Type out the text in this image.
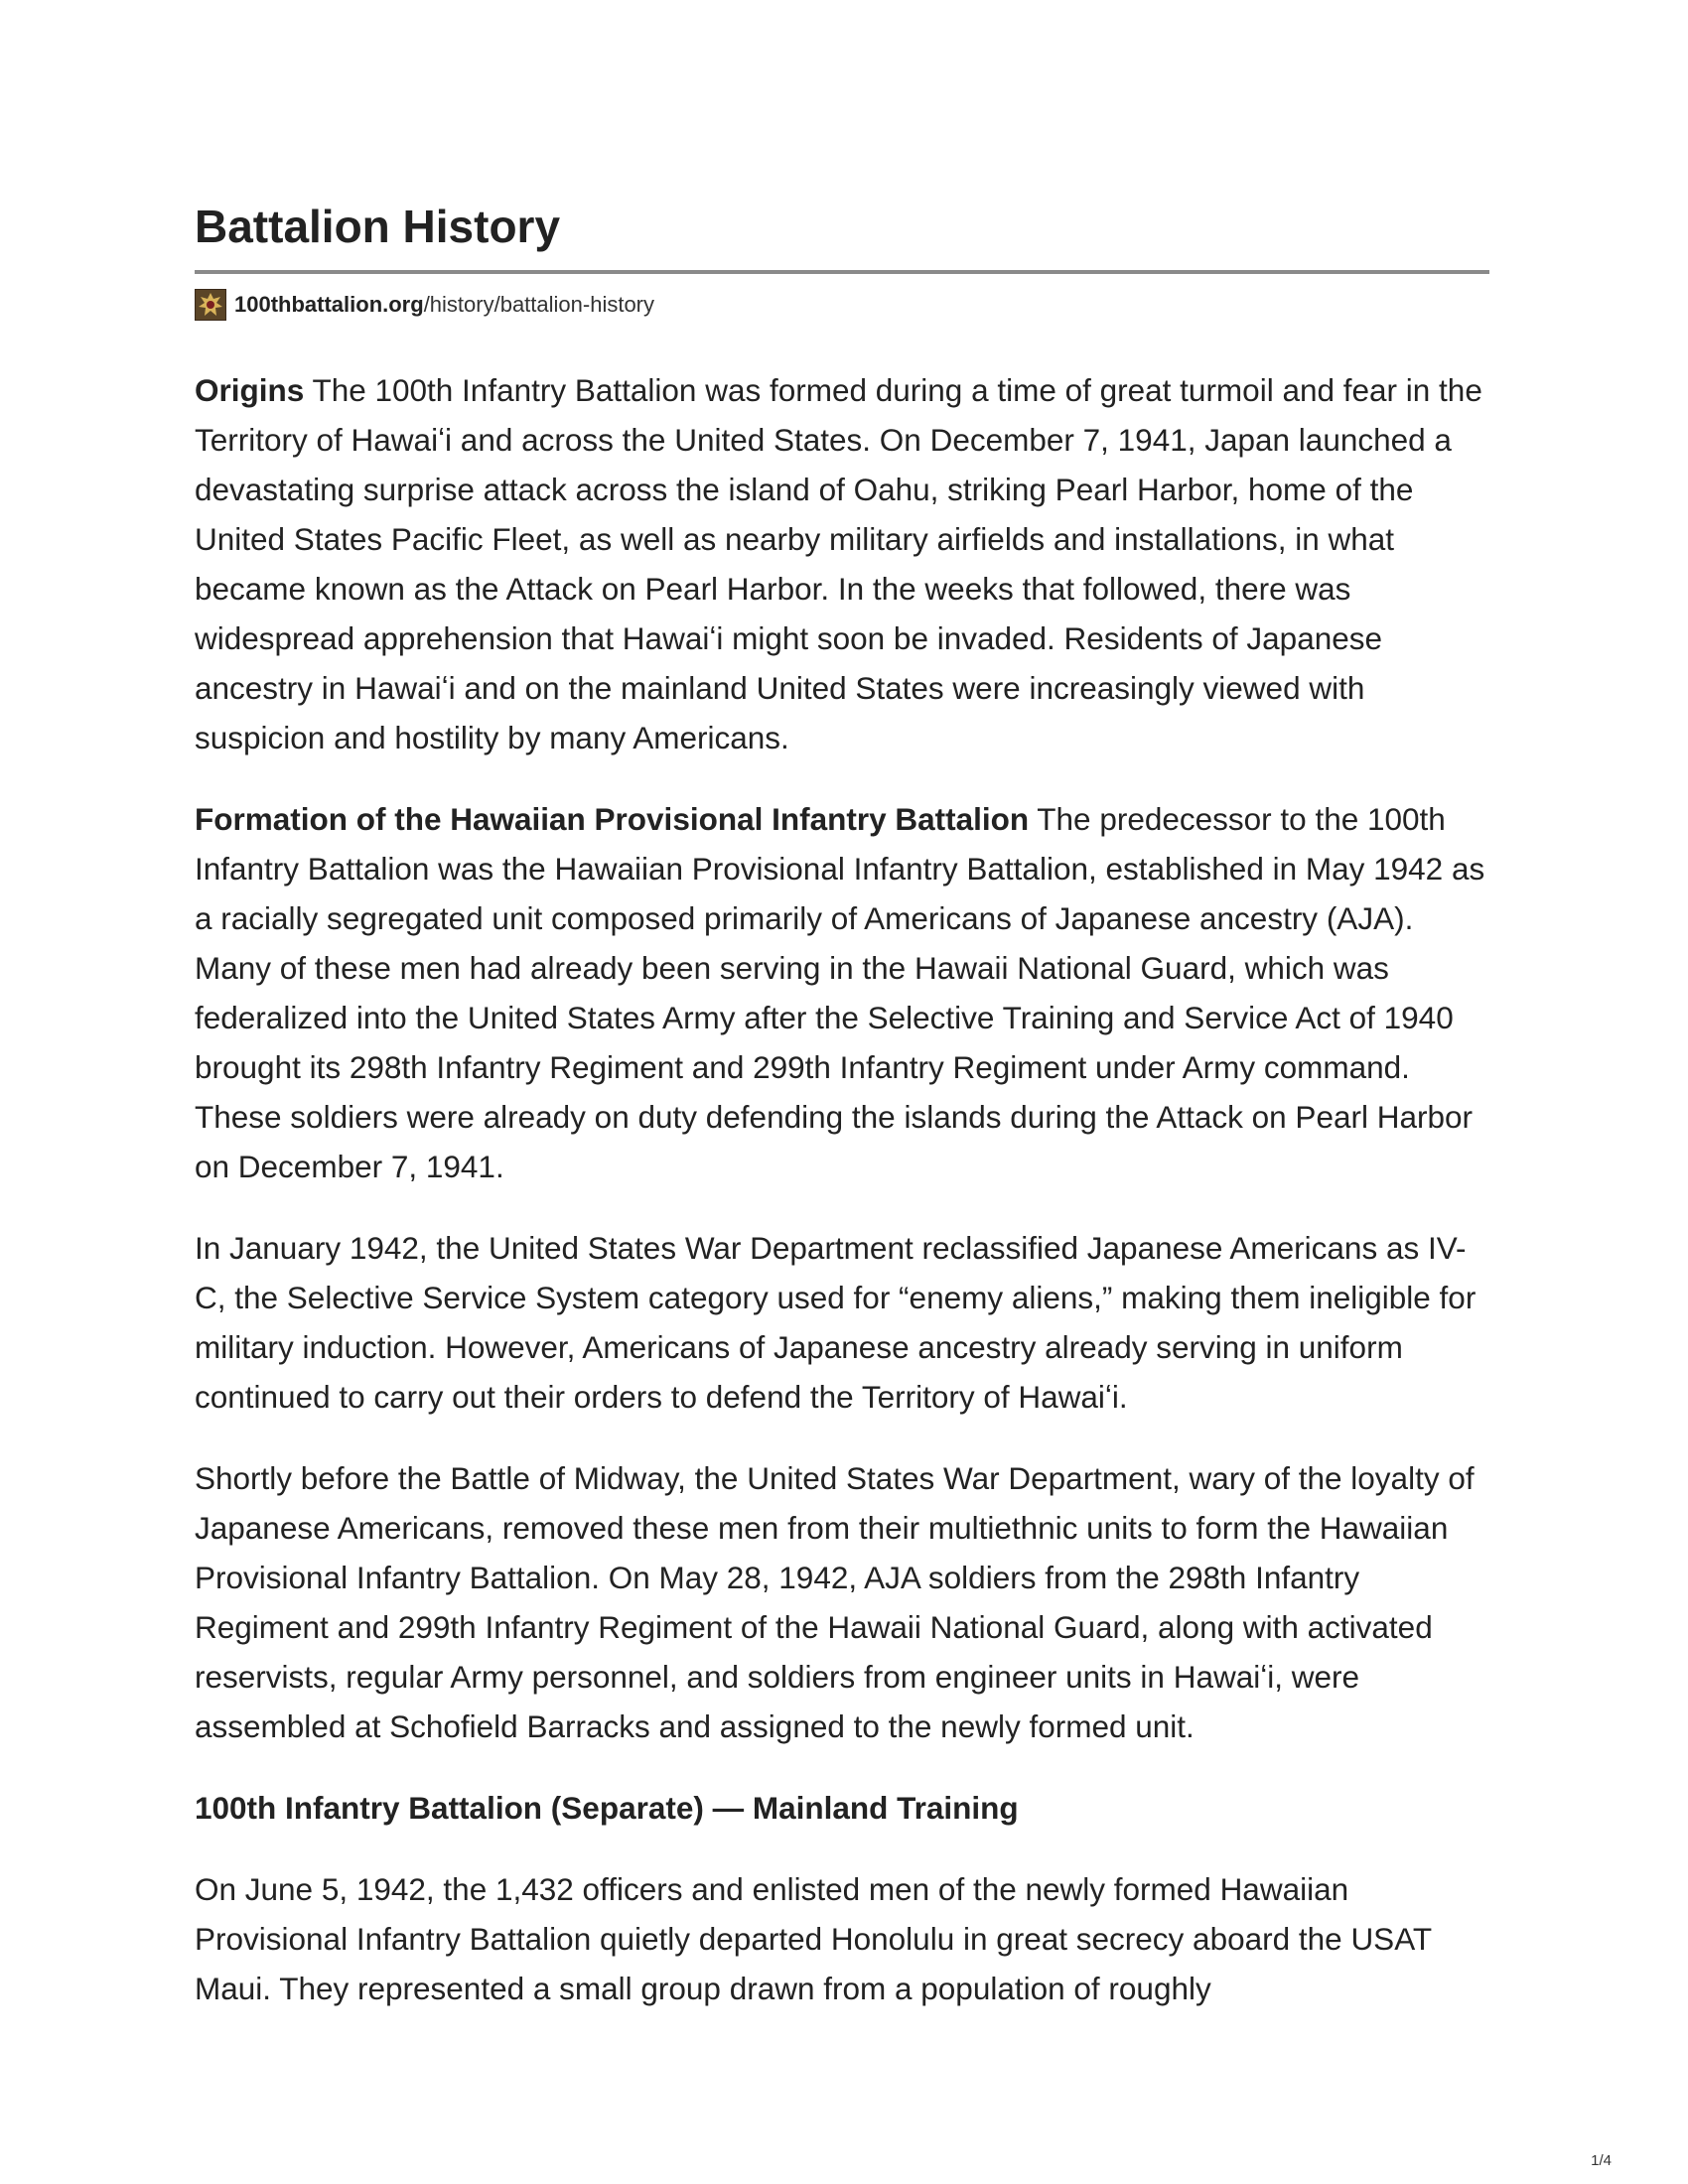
Battalion History
100thbattalion.org /history/battalion-history

Origins The 100th Infantry Battalion was formed during a time of great turmoil and fear in the Territory of Hawaiʻi and across the United States. On December 7, 1941, Japan launched a devastating surprise attack across the island of Oahu, striking Pearl Harbor, home of the United States Pacific Fleet, as well as nearby military airfields and installations, in what became known as the Attack on Pearl Harbor. In the weeks that followed, there was widespread apprehension that Hawaiʻi might soon be invaded. Residents of Japanese ancestry in Hawaiʻi and on the mainland United States were increasingly viewed with suspicion and hostility by many Americans.

Formation of the Hawaiian Provisional Infantry Battalion The predecessor to the 100th Infantry Battalion was the Hawaiian Provisional Infantry Battalion, established in May 1942 as a racially segregated unit composed primarily of Americans of Japanese ancestry (AJA). Many of these men had already been serving in the Hawaii National Guard, which was federalized into the United States Army after the Selective Training and Service Act of 1940 brought its 298th Infantry Regiment and 299th Infantry Regiment under Army command. These soldiers were already on duty defending the islands during the Attack on Pearl Harbor on December 7, 1941.

In January 1942, the United States War Department reclassified Japanese Americans as IV-C, the Selective Service System category used for “enemy aliens,” making them ineligible for military induction. However, Americans of Japanese ancestry already serving in uniform continued to carry out their orders to defend the Territory of Hawaiʻi.

Shortly before the Battle of Midway, the United States War Department, wary of the loyalty of Japanese Americans, removed these men from their multiethnic units to form the Hawaiian Provisional Infantry Battalion. On May 28, 1942, AJA soldiers from the 298th Infantry Regiment and 299th Infantry Regiment of the Hawaii National Guard, along with activated reservists, regular Army personnel, and soldiers from engineer units in Hawaiʻi, were assembled at Schofield Barracks and assigned to the newly formed unit.

100th Infantry Battalion (Separate) — Mainland Training

On June 5, 1942, the 1,432 officers and enlisted men of the newly formed Hawaiian Provisional Infantry Battalion quietly departed Honolulu in great secrecy aboard the USAT Maui. They represented a small group drawn from a population of roughly

1/4
